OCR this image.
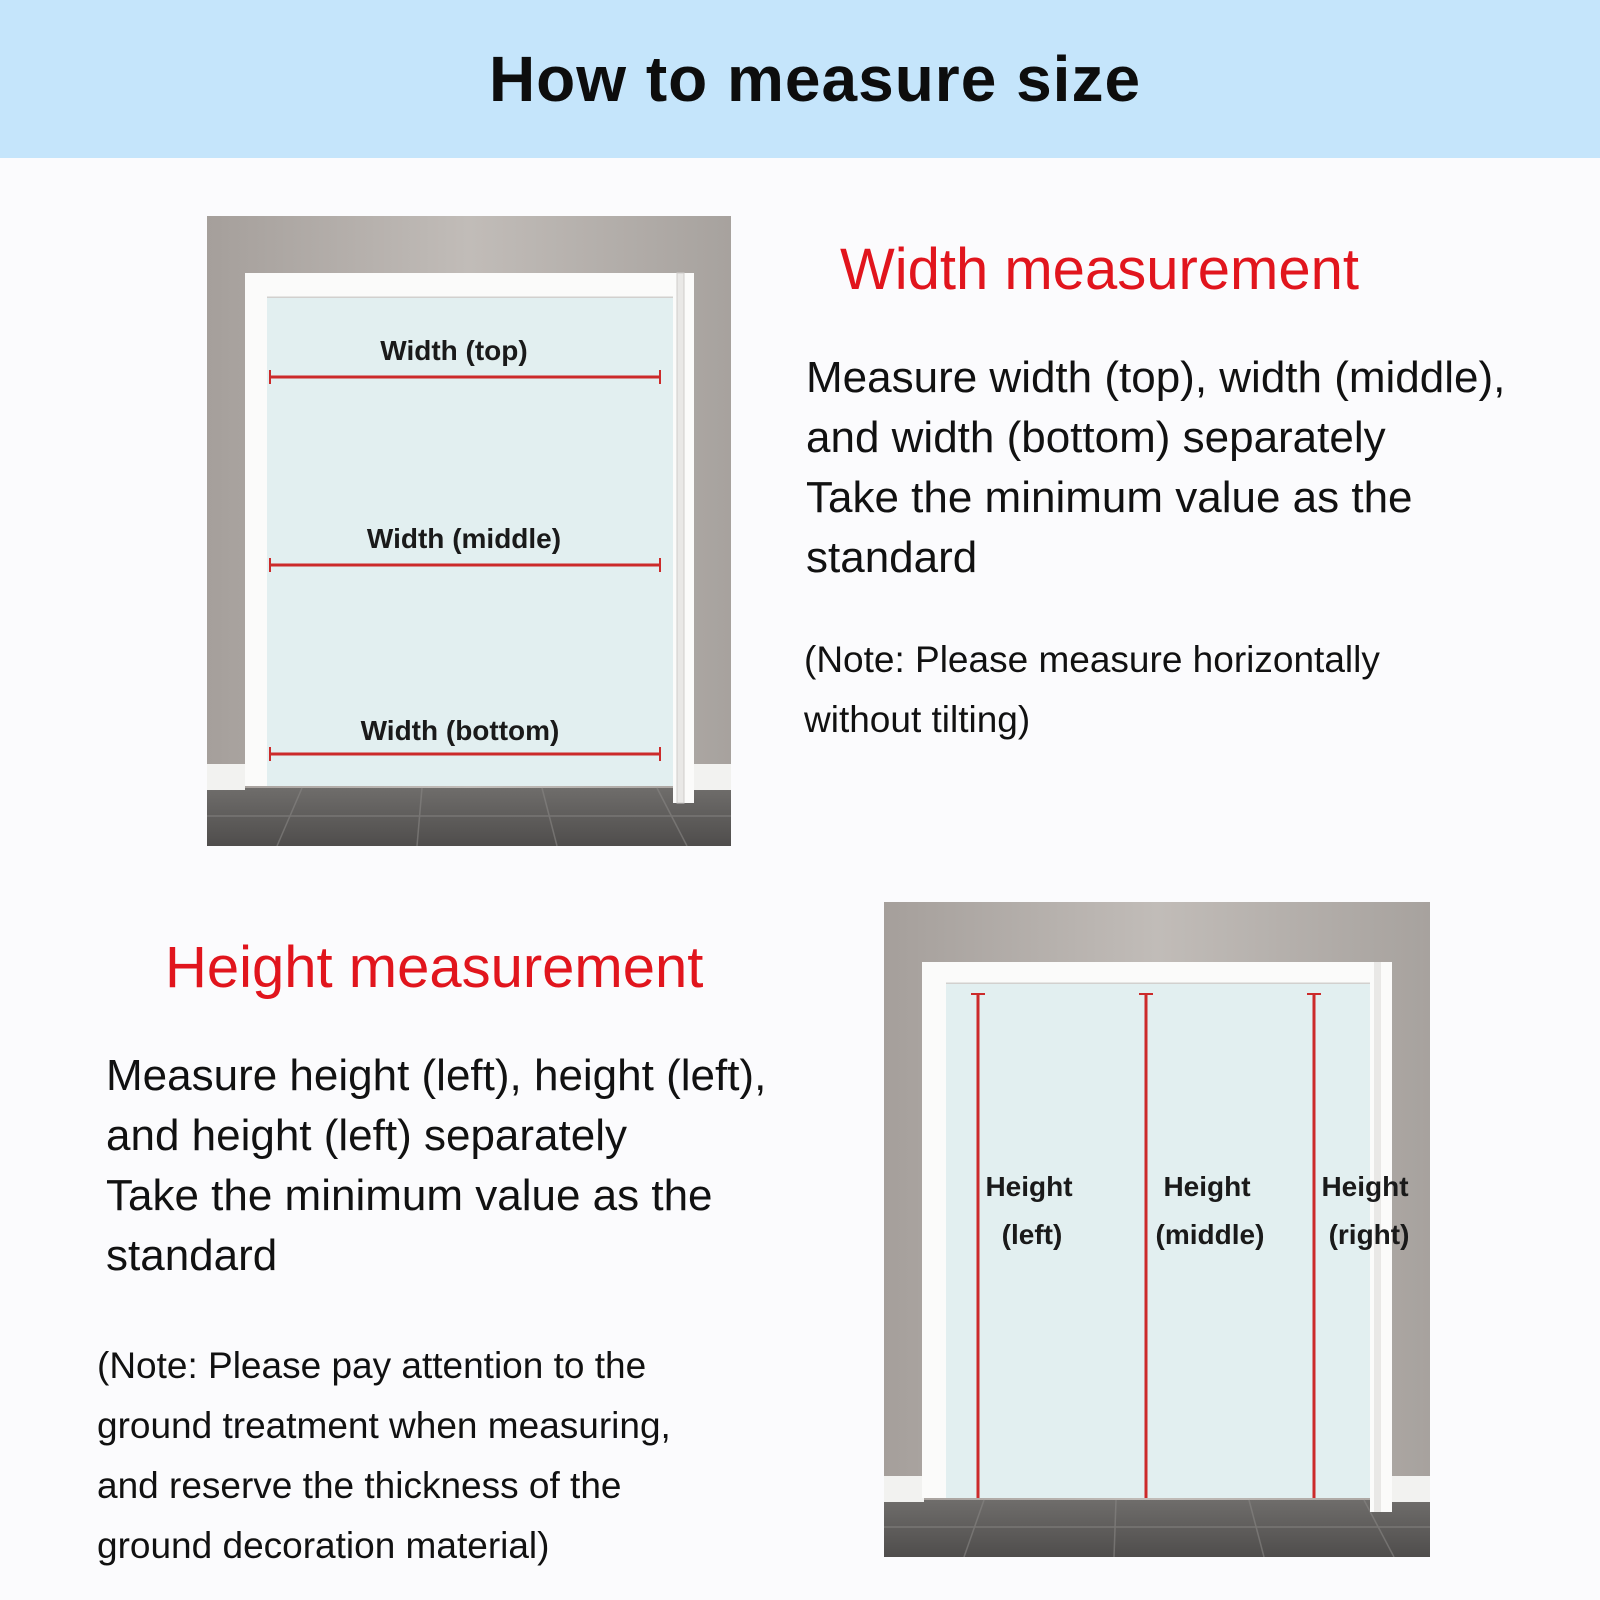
How to measure size
Width (top)
Width (middle)
Width (bottom)
Width measurement
Measure width (top), width (middle),
and width (bottom) separately
Take the minimum value as the
standard
(Note: Please measure horizontally
without tilting)
Height measurement
Measure height (left), height (left),
and height (left) separately
Take the minimum value as the
standard
(Note: Please pay attention to the
ground treatment when measuring,
and reserve the thickness of the
ground decoration material)
Height
(left)
Height
(middle)
Height
(right)
